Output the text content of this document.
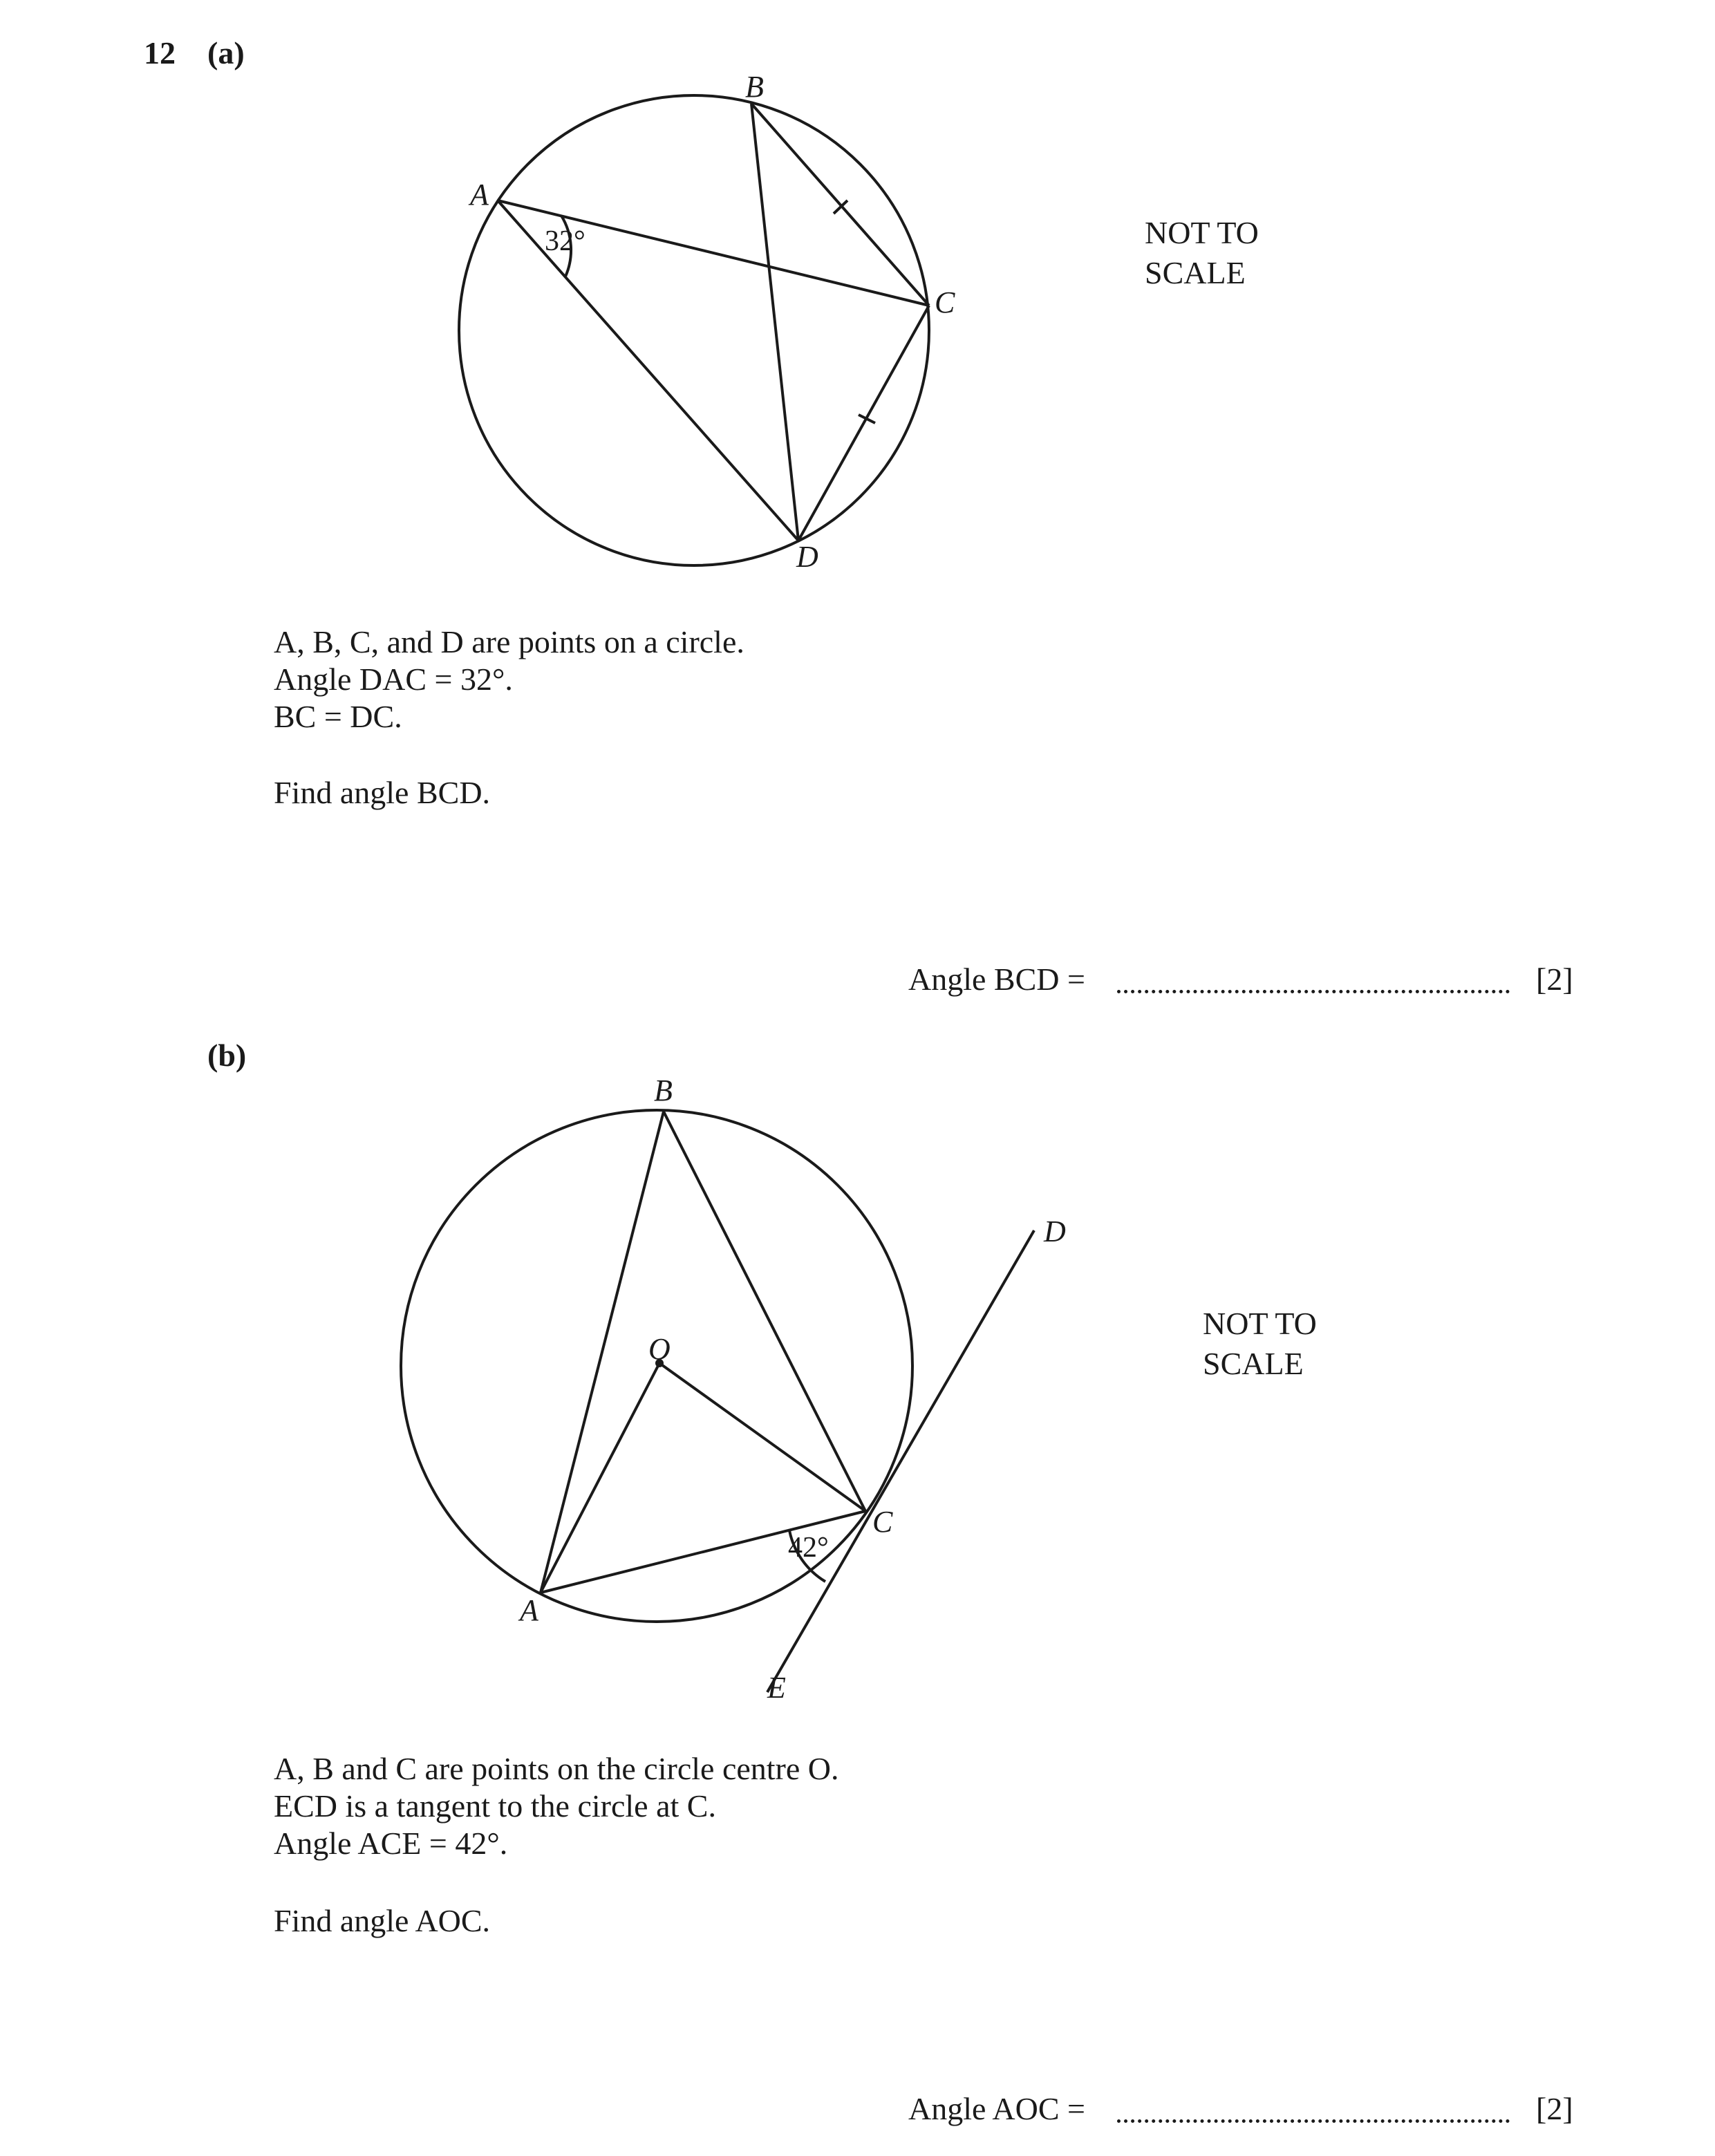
12 (a)
A
B
C
D
32°
B
O
C
A
D
E
42°
NOT TO
SCALE
A, B, C, and D are points on a circle.
Angle DAC = 32°.
BC = DC.
Find angle BCD.
Angle BCD =	[2]
(b)
NOT TO
SCALE
A, B and C are points on the circle centre O.
ECD is a tangent to the circle at C.
Angle ACE = 42°.
Find angle AOC.
Angle AOC =	[2]
